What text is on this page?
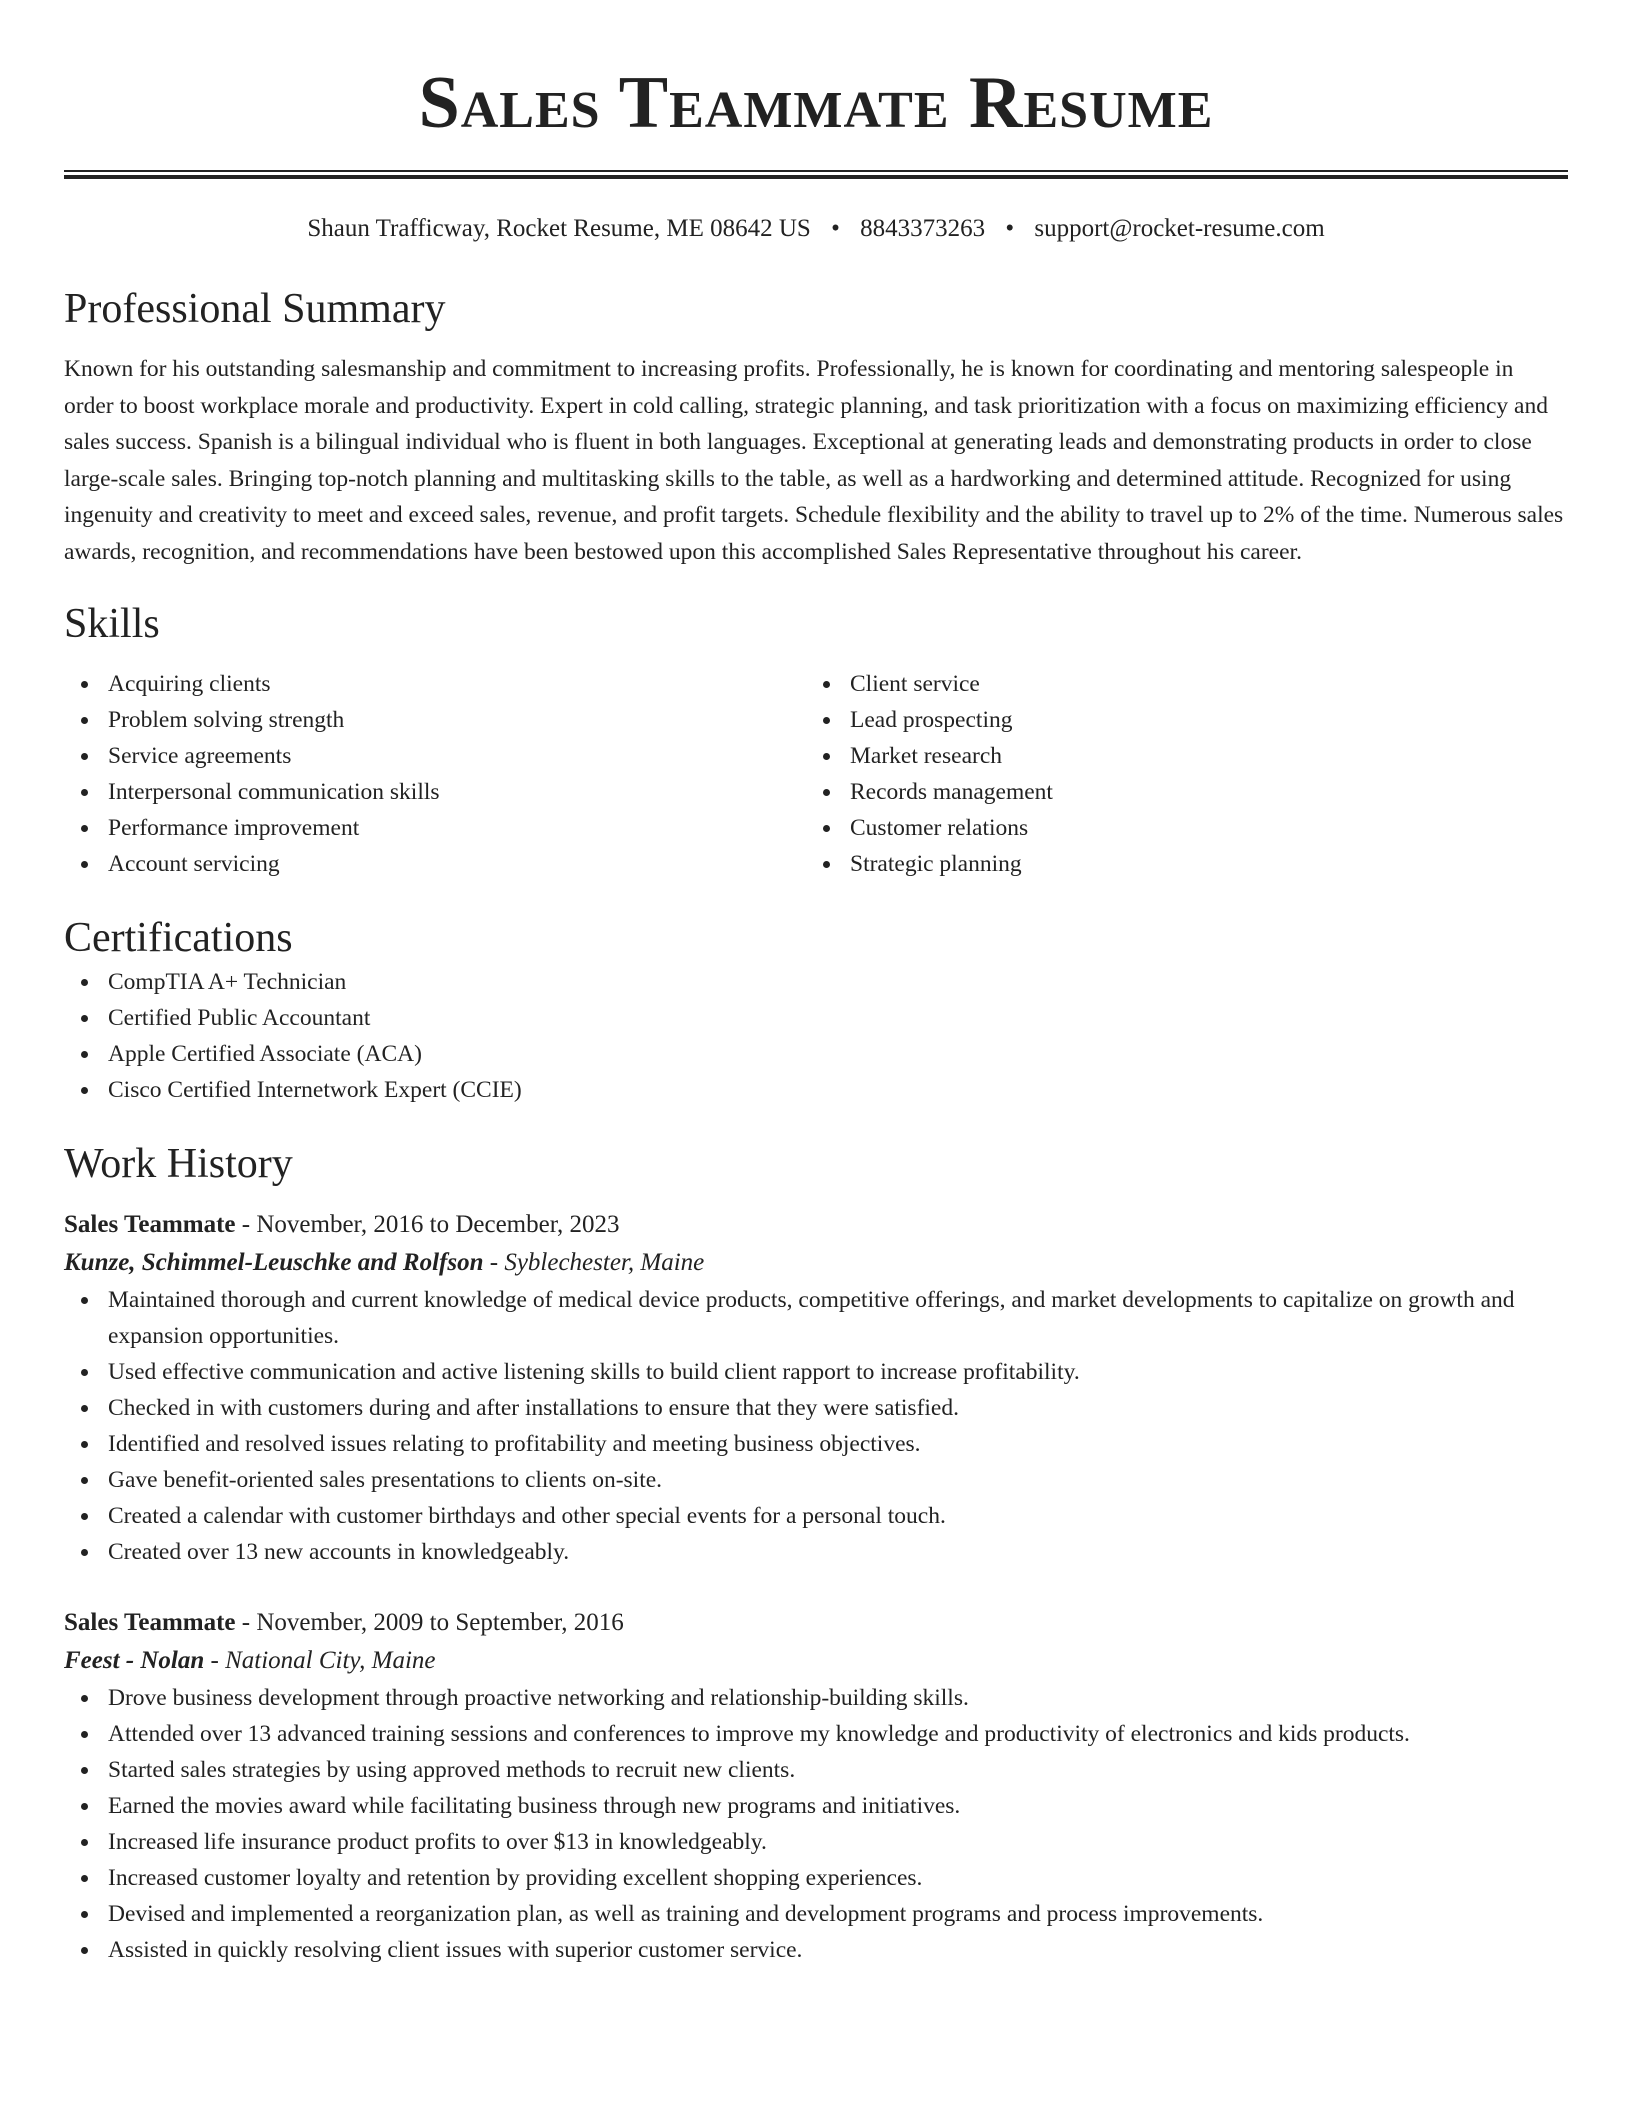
Sales Teammate Resume
Shaun Trafficway, Rocket Resume, ME 08642 US • 8843373263 • support@rocket-resume.com
Professional Summary

Known for his outstanding salesmanship and commitment to increasing profits. Professionally, he is known for coordinating and mentoring salespeople in order to boost workplace morale and productivity. Expert in cold calling, strategic planning, and task prioritization with a focus on maximizing efficiency and sales success. Spanish is a bilingual individual who is fluent in both languages. Exceptional at generating leads and demonstrating products in order to close large-scale sales. Bringing top-notch planning and multitasking skills to the table, as well as a hardworking and determined attitude. Recognized for using ingenuity and creativity to meet and exceed sales, revenue, and profit targets. Schedule flexibility and the ability to travel up to 2% of the time. Numerous sales awards, recognition, and recommendations have been bestowed upon this accomplished Sales Representative throughout his career.

Skills
Acquiring clients
Problem solving strength
Service agreements
Interpersonal communication skills
Performance improvement
Account servicing
Client service
Lead prospecting
Market research
Records management
Customer relations
Strategic planning
Certifications
CompTIA A+ Technician
Certified Public Accountant
Apple Certified Associate (ACA)
Cisco Certified Internetwork Expert (CCIE)
Work History
Sales Teammate - November, 2016 to December, 2023
Kunze, Schimmel-Leuschke and Rolfson - Syblechester, Maine
Maintained thorough and current knowledge of medical device products, competitive offerings, and market developments to capitalize on growth and expansion opportunities.
Used effective communication and active listening skills to build client rapport to increase profitability.
Checked in with customers during and after installations to ensure that they were satisfied.
Identified and resolved issues relating to profitability and meeting business objectives.
Gave benefit-oriented sales presentations to clients on-site.
Created a calendar with customer birthdays and other special events for a personal touch.
Created over 13 new accounts in knowledgeably.
Sales Teammate - November, 2009 to September, 2016
Feest - Nolan - National City, Maine
Drove business development through proactive networking and relationship-building skills.
Attended over 13 advanced training sessions and conferences to improve my knowledge and productivity of electronics and kids products.
Started sales strategies by using approved methods to recruit new clients.
Earned the movies award while facilitating business through new programs and initiatives.
Increased life insurance product profits to over $13 in knowledgeably.
Increased customer loyalty and retention by providing excellent shopping experiences.
Devised and implemented a reorganization plan, as well as training and development programs and process improvements.
Assisted in quickly resolving client issues with superior customer service.
